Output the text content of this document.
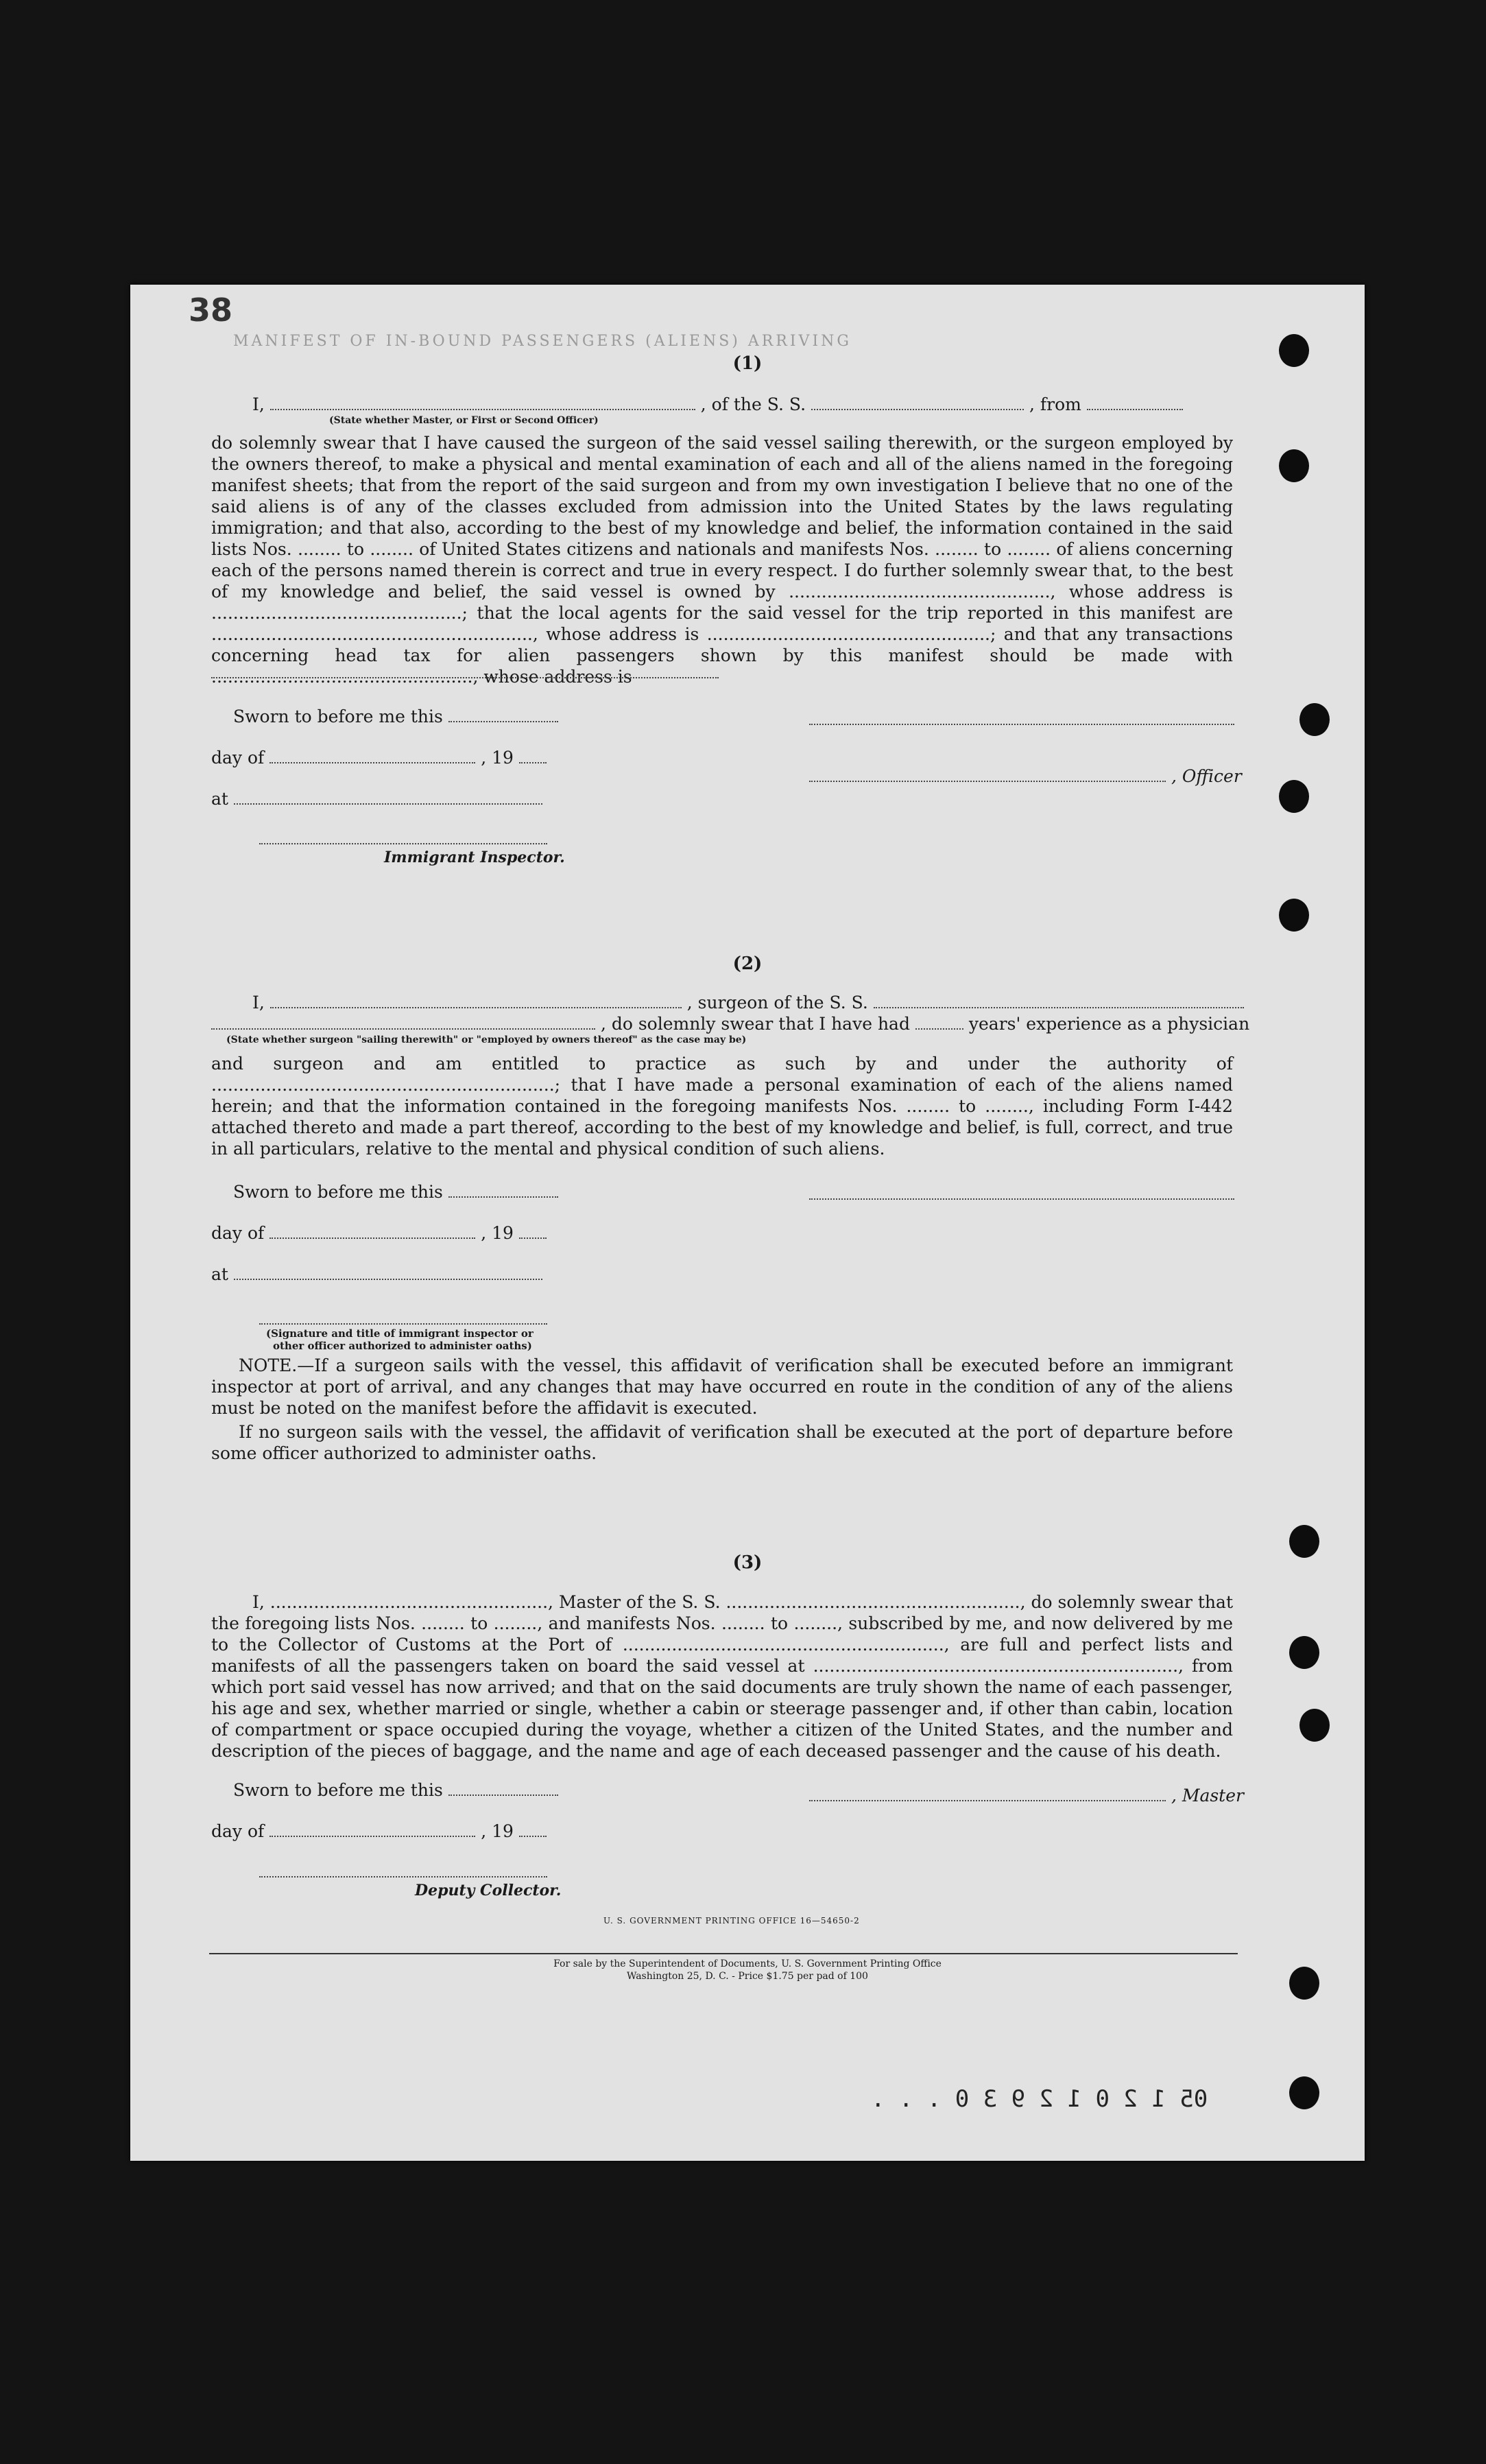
38
MANIFEST OF IN-BOUND PASSENGERS (ALIENS) ARRIVING
(1)
I,	, of the S. S.	, from
(State whether Master, or First or Second Officer)
do solemnly swear that I have caused the surgeon of the said vessel sailing therewith, or the surgeon employed by the owners thereof, to make a physical and mental examination of each and all of the aliens named in the foregoing manifest sheets; that from the report of the said surgeon and from my own investigation I believe that no one of the said aliens is of any of the classes excluded from admission into the United States by the laws regulating immigration; and that also, according to the best of my knowledge and belief, the information contained in the said lists Nos. ........ to ........ of United States citizens and nationals and manifests Nos. ........ to ........ of aliens concerning each of the persons named therein is correct and true in every respect. I do further solemnly swear that, to the best of my knowledge and belief, the said vessel is owned by ................................................, whose address is ..............................................; that the local agents for the said vessel for the trip reported in this manifest are ..........................................................., whose address is ....................................................; and that any transactions concerning head tax for alien passengers shown by this manifest should be made with ................................................, whose address is
Sworn to before me this
day of	, 19
, Officer
at
Immigrant Inspector.
(2)
I,	, surgeon of the S. S.
, do solemnly swear that I have had	years' experience as a physician
(State whether surgeon "sailing therewith" or "employed by owners thereof" as the case may be)
and surgeon and am entitled to practice as such by and under the authority of ...............................................................; that I have made a personal examination of each of the aliens named herein; and that the information contained in the foregoing manifests Nos. ........ to ........, including Form I-442 attached thereto and made a part thereof, according to the best of my knowledge and belief, is full, correct, and true in all particulars, relative to the mental and physical condition of such aliens.
Sworn to before me this
day of	, 19
at
(Signature and title of immigrant inspector or
other officer authorized to administer oaths)
NOTE.—If a surgeon sails with the vessel, this affidavit of verification shall be executed before an immigrant inspector at port of arrival, and any changes that may have occurred en route in the condition of any of the aliens must be noted on the manifest before the affidavit is executed.
If no surgeon sails with the vessel, the affidavit of verification shall be executed at the port of departure before some officer authorized to administer oaths.
(3)
I, ..................................................., Master of the S. S. ......................................................, do solemnly swear that the foregoing lists Nos. ........ to ........, and manifests Nos. ........ to ........, subscribed by me, and now delivered by me to the Collector of Customs at the Port of ..........................................................., are full and perfect lists and manifests of all the passengers taken on board the said vessel at ..................................................................., from which port said vessel has now arrived; and that on the said documents are truly shown the name of each passenger, his age and sex, whether married or single, whether a cabin or steerage passenger and, if other than cabin, location of compartment or space occupied during the voyage, whether a citizen of the United States, and the number and description of the pieces of baggage, and the name and age of each deceased passenger and the cause of his death.
Sworn to before me this	, Master
day of	, 19
Deputy Collector.
U. S. GOVERNMENT PRINTING OFFICE 16—54650-2
For sale by the Superintendent of Documents, U. S. Government Printing Office
Washington 25, D. C. - Price $1.75 per pad of 100
05 1 2 0 1 2 9 3 0 . . .
